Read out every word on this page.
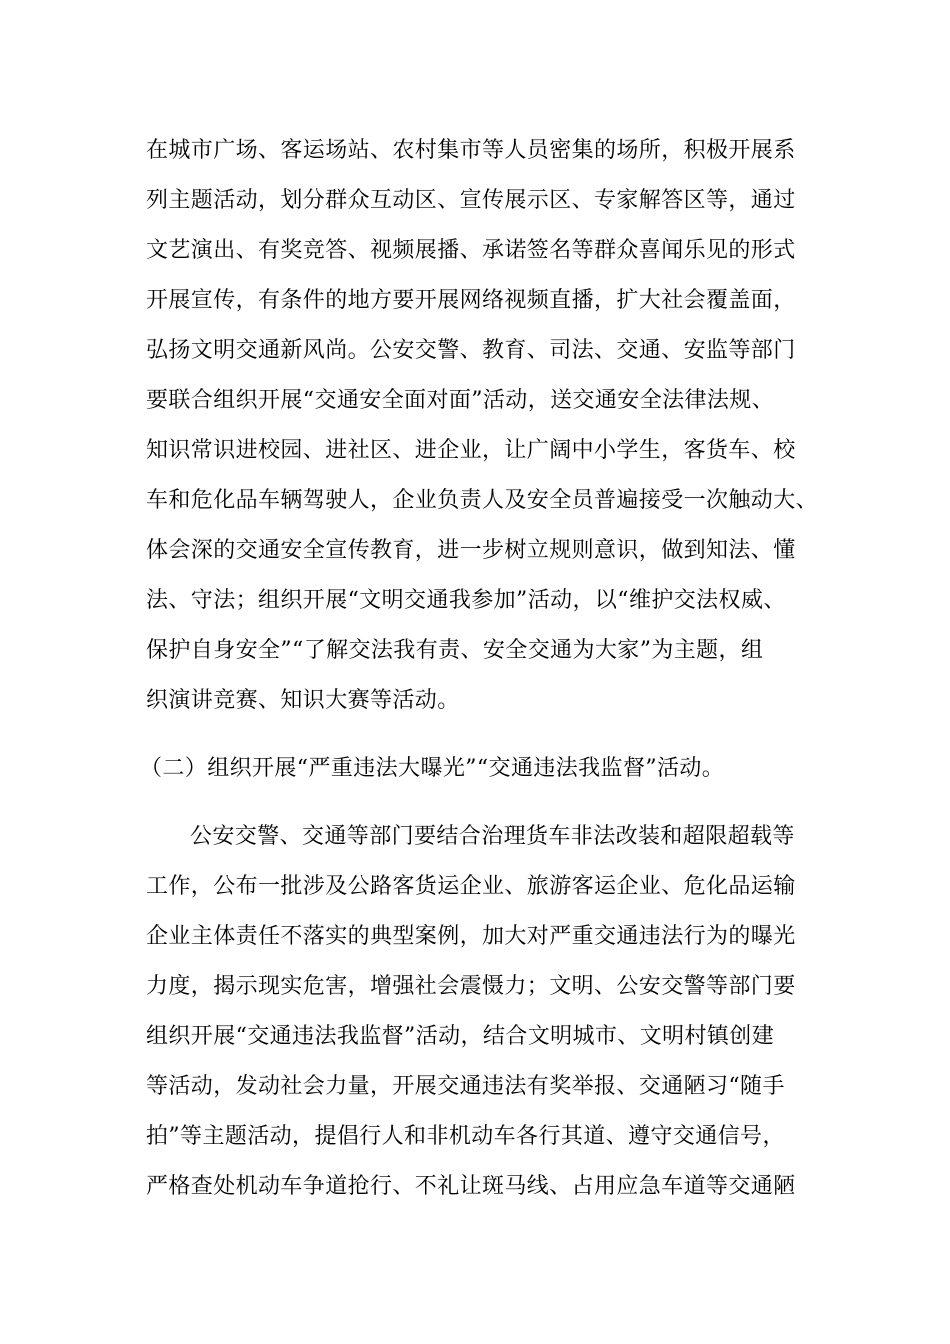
在城市广场、客运场站、农村集市等人员密集的场所，积极开展系
列主题活动，划分群众互动区、宣传展示区、专家解答区等，通过
文艺演出、有奖竞答、视频展播、承诺签名等群众喜闻乐见的形式
开展宣传，有条件的地方要开展网络视频直播，扩大社会覆盖面，
弘扬文明交通新风尚。公安交警、教育、司法、交通、安监等部门
要联合组织开展“交通安全面对面”活动，送交通安全法律法规、
知识常识进校园、进社区、进企业，让广阔中小学生，客货车、校
车和危化品车辆驾驶人，企业负责人及安全员普遍接受一次触动大、
体会深的交通安全宣传教育，进一步树立规则意识，做到知法、懂
法、守法；组织开展“文明交通我参加”活动，以“维护交法权威、
保护自身安全”“了解交法我有责、安全交通为大家”为主题，组
织演讲竞赛、知识大赛等活动。
（二）组织开展“严重违法大曝光”“交通违法我监督”活动。
公安交警、交通等部门要结合治理货车非法改装和超限超载等
工作，公布一批涉及公路客货运企业、旅游客运企业、危化品运输
企业主体责任不落实的典型案例，加大对严重交通违法行为的曝光
力度，揭示现实危害，增强社会震慑力；文明、公安交警等部门要
组织开展“交通违法我监督”活动，结合文明城市、文明村镇创建
等活动，发动社会力量，开展交通违法有奖举报、交通陋习“随手
拍”等主题活动，提倡行人和非机动车各行其道、遵守交通信号，
严格查处机动车争道抢行、不礼让斑马线、占用应急车道等交通陋
